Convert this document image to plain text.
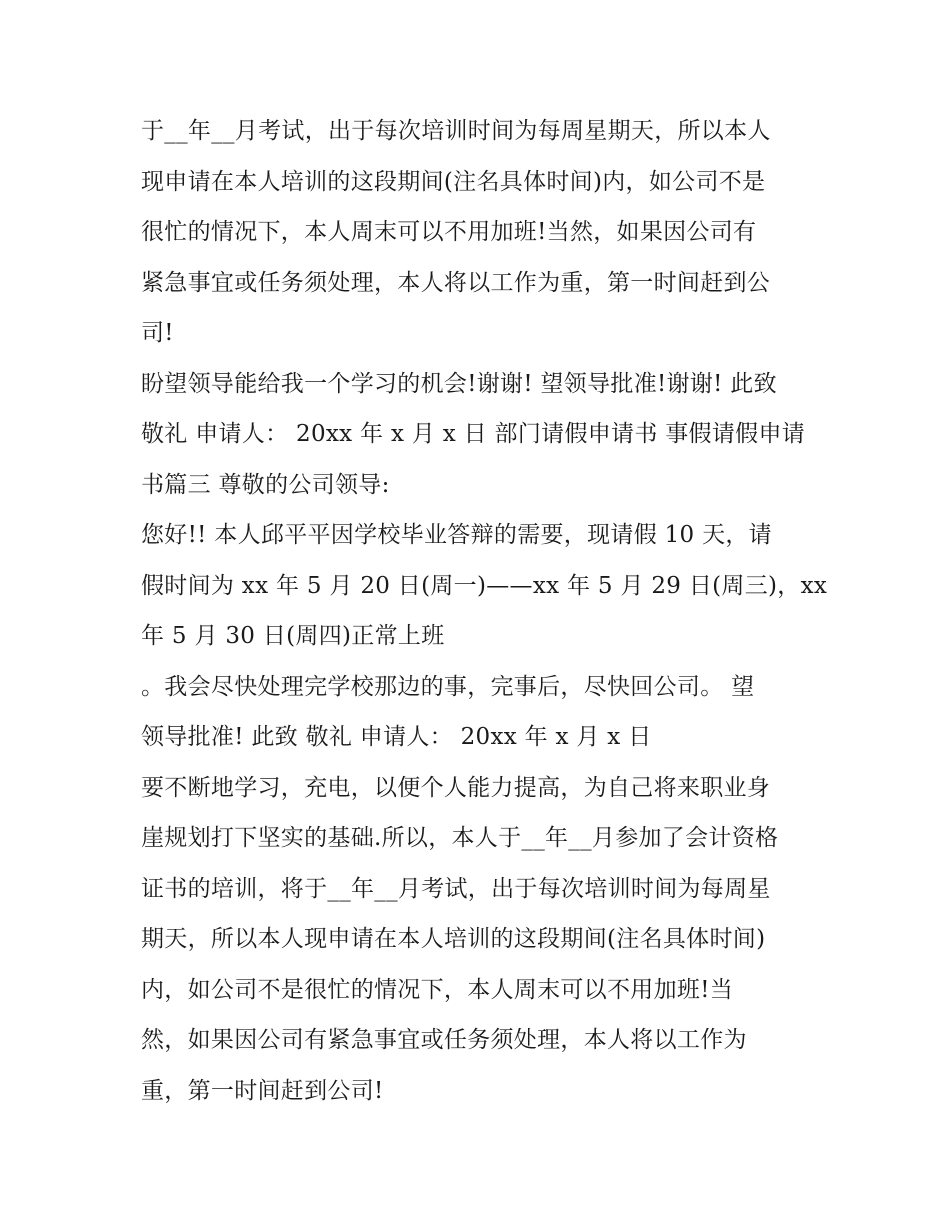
于__年__月考试，出于每次培训时间为每周星期天，所以本人
现申请在本人培训的这段期间(注名具体时间)内，如公司不是
很忙的情况下，本人周末可以不用加班!当然，如果因公司有
紧急事宜或任务须处理，本人将以工作为重，第一时间赶到公
司!
盼望领导能给我一个学习的机会!谢谢! 望领导批准!谢谢! 此致
敬礼 申请人： 20xx 年 x 月 x 日 部门请假申请书 事假请假申请
书篇三 尊敬的公司领导:
您好!! 本人邱平平因学校毕业答辩的需要，现请假 10 天，请
假时间为 xx 年 5 月 20 日(周一)——xx 年 5 月 29 日(周三)，xx
年 5 月 30 日(周四)正常上班
。我会尽快处理完学校那边的事，完事后，尽快回公司。 望
领导批准! 此致 敬礼 申请人： 20xx 年 x 月 x 日
要不断地学习，充电，以便个人能力提高，为自己将来职业身
崖规划打下坚实的基础.所以，本人于__年__月参加了会计资格
证书的培训，将于__年__月考试，出于每次培训时间为每周星
期天，所以本人现申请在本人培训的这段期间(注名具体时间)
内，如公司不是很忙的情况下，本人周末可以不用加班!当
然，如果因公司有紧急事宜或任务须处理，本人将以工作为
重，第一时间赶到公司!
